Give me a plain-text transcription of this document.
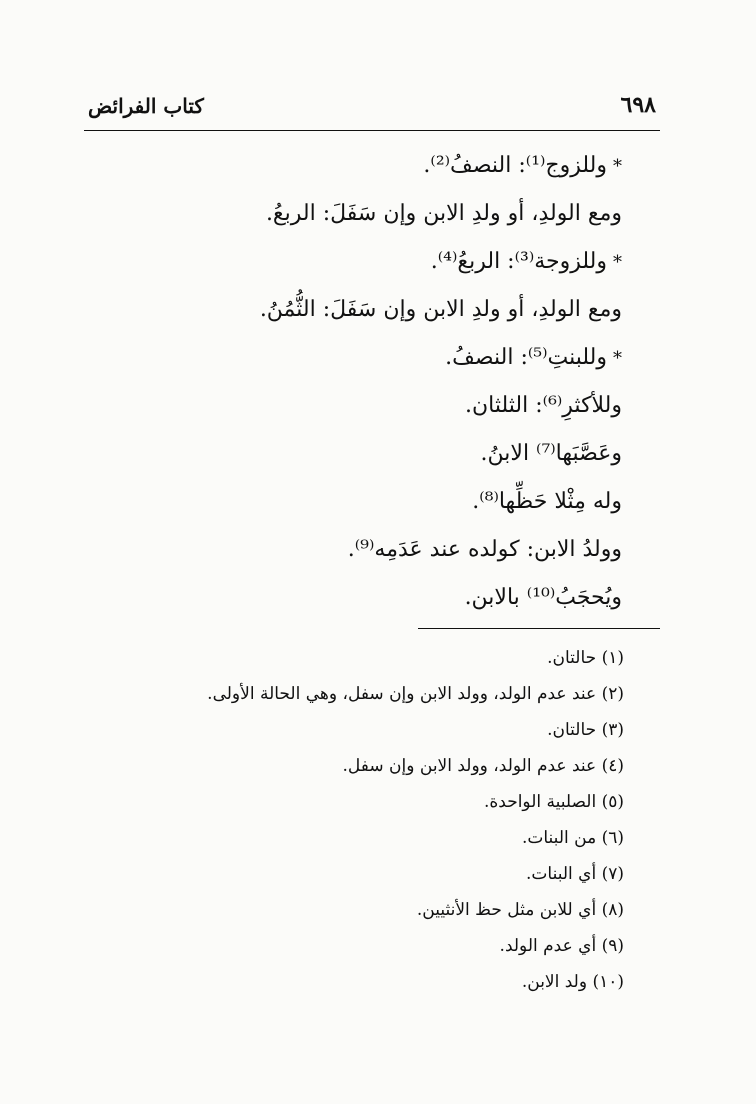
٦٩٨
كتاب الفرائض
*وللزوج⁽¹⁾: النصفُ⁽²⁾.
ومع الولدِ، أو ولدِ الابن وإن سَفَلَ: الربعُ.
*وللزوجة⁽³⁾: الربعُ⁽⁴⁾.
ومع الولدِ، أو ولدِ الابن وإن سَفَلَ: الثُّمُنُ.
*وللبنتِ⁽⁵⁾: النصفُ.
وللأكثرِ⁽⁶⁾: الثلثان.
وعَصَّبَها⁽⁷⁾ الابنُ.
وله مِثْلا حَظِّها⁽⁸⁾.
وولدُ الابن: كولده عند عَدَمِه⁽⁹⁾.
ويُحجَبُ⁽¹⁰⁾ بالابن.
(١) حالتان.
(٢) عند عدم الولد، وولد الابن وإن سفل، وهي الحالة الأولى.
(٣) حالتان.
(٤) عند عدم الولد، وولد الابن وإن سفل.
(٥) الصلبية الواحدة.
(٦) من البنات.
(٧) أي البنات.
(٨) أي للابن مثل حظ الأنثيين.
(٩) أي عدم الولد.
(١٠) ولد الابن.
